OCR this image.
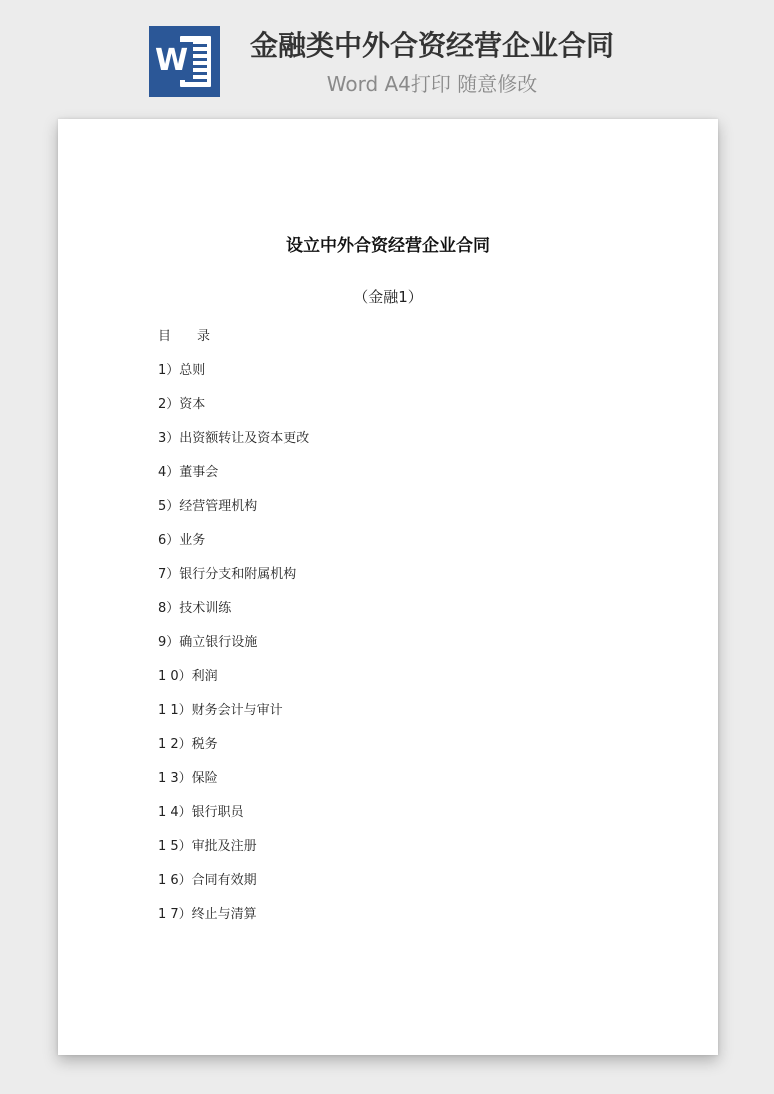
W	金融类中外合资经营企业合同
Word A4打印 随意修改

设立中外合资经营企业合同
（金融1）
目　　录
1）总则
2）资本
3）出资额转让及资本更改
4）董事会
5）经营管理机构
6）业务
7）银行分支和附属机构
8）技术训练
9）确立银行设施
1 0）利润
1 1）财务会计与审计
1 2）税务
1 3）保险
1 4）银行职员
1 5）审批及注册
1 6）合同有效期
1 7）终止与清算
